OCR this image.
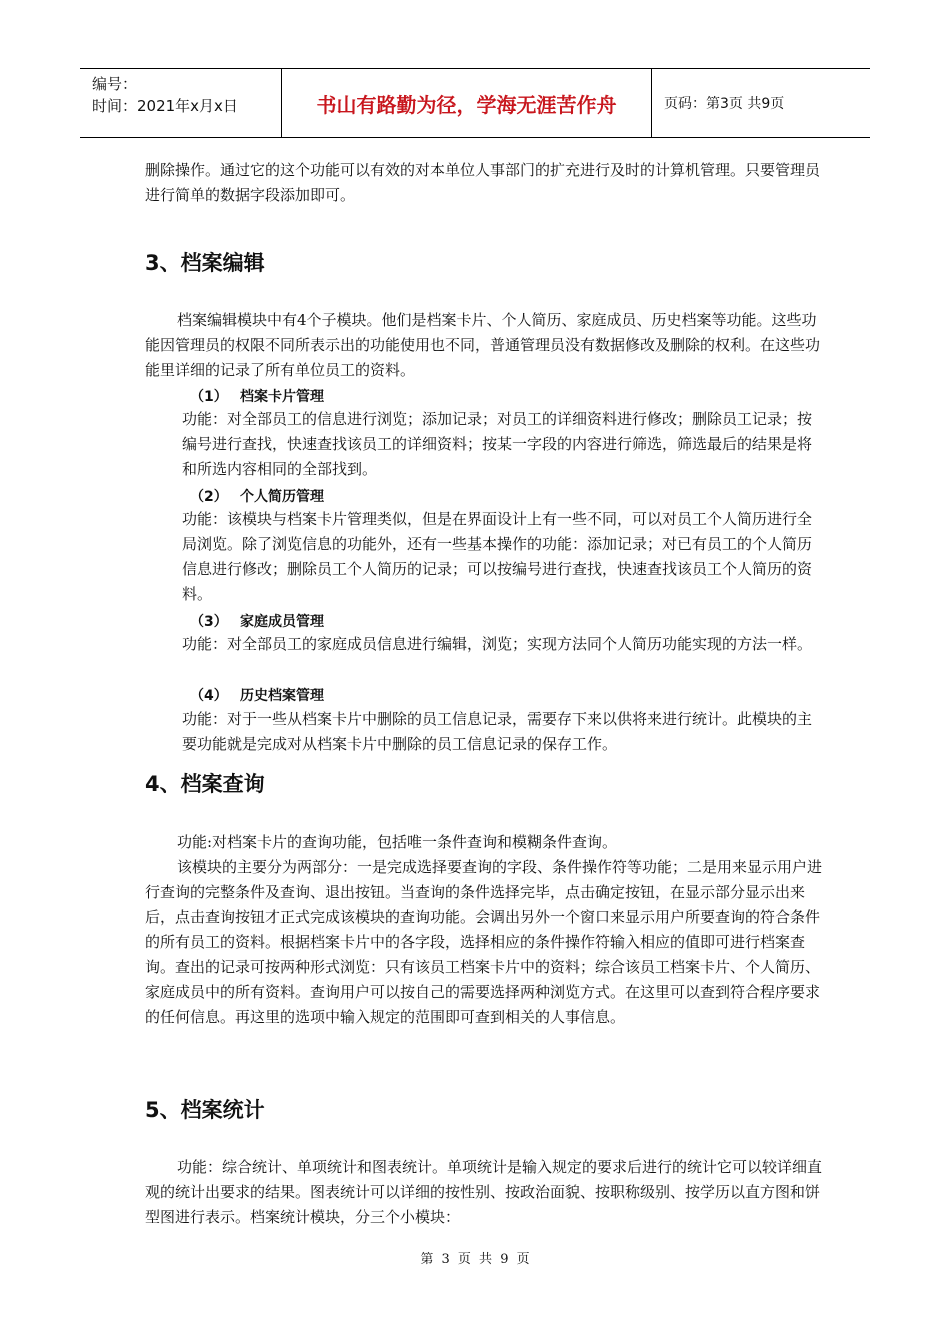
编号：
时间：2021年x月x日	书山有路勤为径，学海无涯苦作舟	页码：第3页 共9页

删除操作。通过它的这个功能可以有效的对本单位人事部门的扩充进行及时的计算机管理。只要管理员进行简单的数据字段添加即可。

3、档案编辑

档案编辑模块中有4个子模块。他们是档案卡片、个人简历、家庭成员、历史档案等功能。这些功能因管理员的权限不同所表示出的功能使用也不同，普通管理员没有数据修改及删除的权利。在这些功能里详细的记录了所有单位员工的资料。

（1） 档案卡片管理

功能：对全部员工的信息进行浏览；添加记录；对员工的详细资料进行修改；删除员工记录；按编号进行查找，快速查找该员工的详细资料；按某一字段的内容进行筛选，筛选最后的结果是将和所选内容相同的全部找到。

（2） 个人简历管理

功能：该模块与档案卡片管理类似，但是在界面设计上有一些不同，可以对员工个人简历进行全局浏览。除了浏览信息的功能外，还有一些基本操作的功能：添加记录；对已有员工的个人简历信息进行修改；删除员工个人简历的记录；可以按编号进行查找，快速查找该员工个人简历的资料。

（3） 家庭成员管理

功能：对全部员工的家庭成员信息进行编辑，浏览；实现方法同个人简历功能实现的方法一样。

（4） 历史档案管理

功能：对于一些从档案卡片中删除的员工信息记录，需要存下来以供将来进行统计。此模块的主要功能就是完成对从档案卡片中删除的员工信息记录的保存工作。

4、档案查询

功能:对档案卡片的查询功能，包括唯一条件查询和模糊条件查询。

该模块的主要分为两部分：一是完成选择要查询的字段、条件操作符等功能；二是用来显示用户进行查询的完整条件及查询、退出按钮。当查询的条件选择完毕，点击确定按钮，在显示部分显示出来后，点击查询按钮才正式完成该模块的查询功能。会调出另外一个窗口来显示用户所要查询的符合条件的所有员工的资料。根据档案卡片中的各字段，选择相应的条件操作符输入相应的值即可进行档案查询。查出的记录可按两种形式浏览：只有该员工档案卡片中的资料；综合该员工档案卡片、个人简历、家庭成员中的所有资料。查询用户可以按自己的需要选择两种浏览方式。在这里可以查到符合程序要求的任何信息。再这里的选项中输入规定的范围即可查到相关的人事信息。

5、档案统计

功能：综合统计、单项统计和图表统计。单项统计是输入规定的要求后进行的统计它可以较详细直观的统计出要求的结果。图表统计可以详细的按性别、按政治面貌、按职称级别、按学历以直方图和饼型图进行表示。档案统计模块，分三个小模块：

第 3 页 共 9 页
